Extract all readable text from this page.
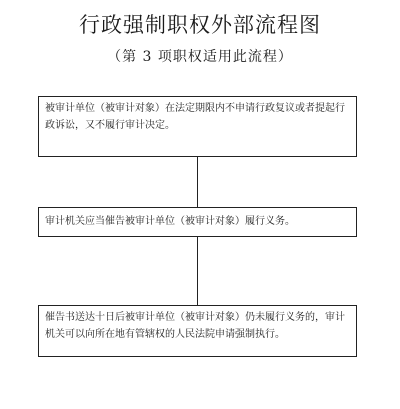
行政强制职权外部流程图
（第 3 项职权适用此流程）
被审计单位（被审计对象）在法定期限内不申请行政复议或者提起行政诉讼，又不履行审计决定。
审计机关应当催告被审计单位（被审计对象）履行义务。
催告书送达十日后被审计单位（被审计对象）仍未履行义务的，审计机关可以向所在地有管辖权的人民法院申请强制执行。
